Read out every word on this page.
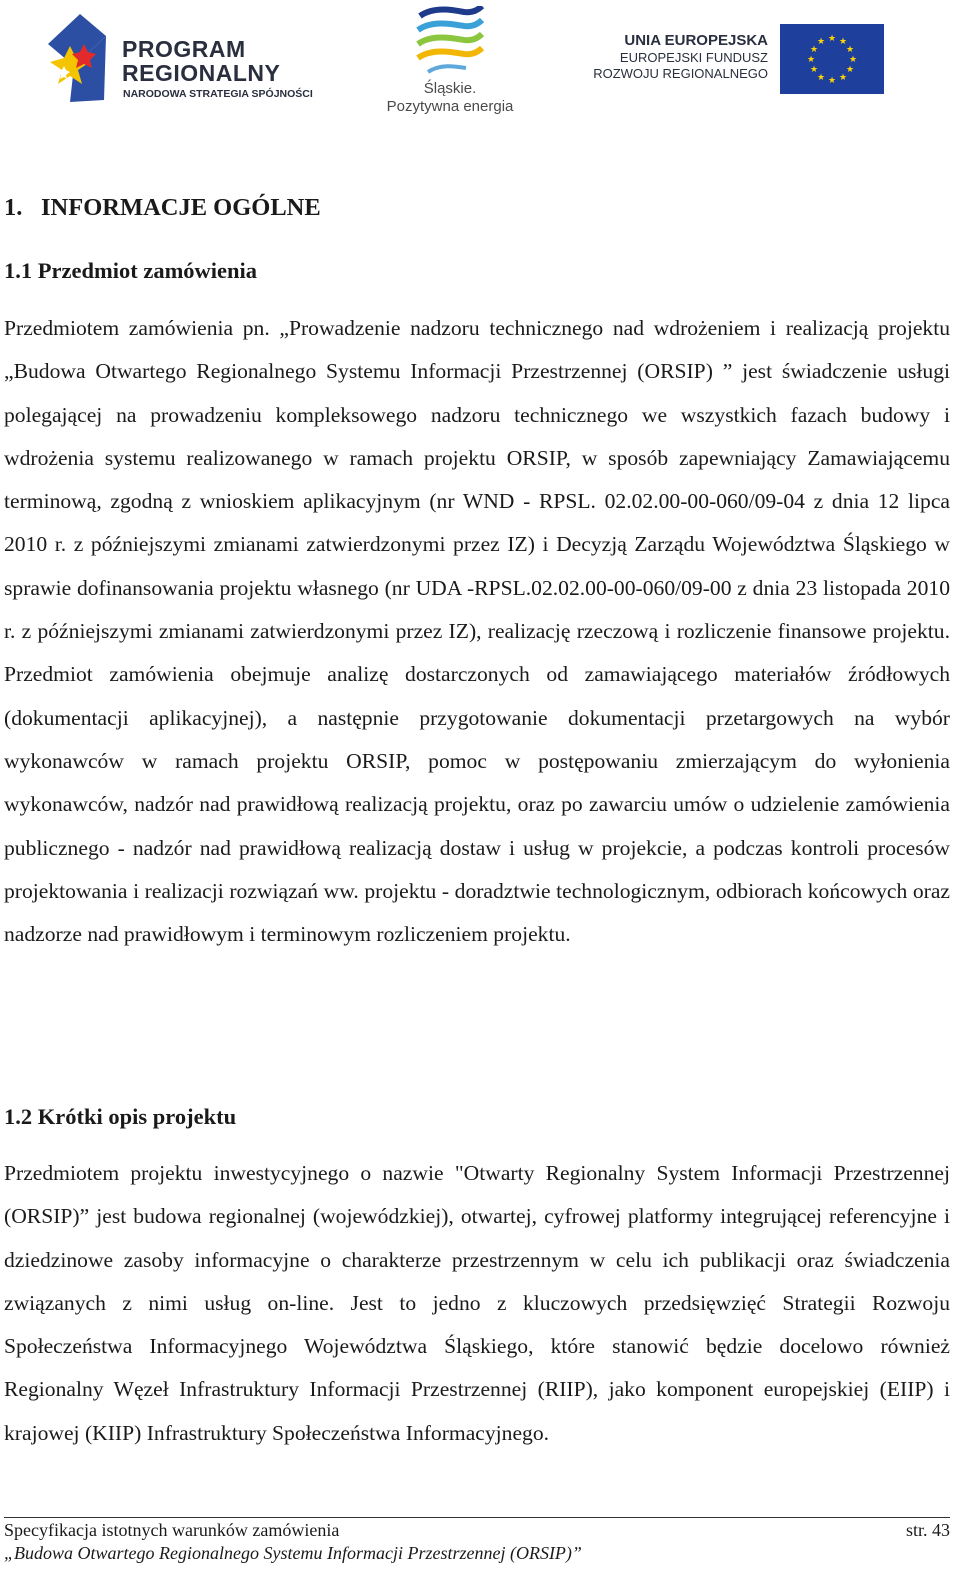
PROGRAM
REGIONALNY
NARODOWA STRATEGIA SPÓJNOŚCI	Śląskie.
Pozytywna energia
UNIA EUROPEJSKA
EUROPEJSKI FUNDUSZ
ROZWOJU REGIONALNEGO
★ ★
★
★
★
★
★
★
★
★
★
★
1. INFORMACJE OGÓLNE
1.1 Przedmiot zamówienia
Przedmiotem zamówienia pn. „Prowadzenie nadzoru technicznego nad wdrożeniem i realizacją projektu „Budowa Otwartego Regionalnego Systemu Informacji Przestrzennej (ORSIP) ” jest świadczenie usługi polegającej na prowadzeniu kompleksowego nadzoru technicznego we wszystkich fazach budowy i wdrożenia systemu realizowanego w ramach projektu ORSIP, w sposób zapewniający Zamawiającemu terminową, zgodną z wnioskiem aplikacyjnym (nr WND - RPSL. 02.02.00-00-060/09-04 z dnia 12 lipca 2010 r. z późniejszymi zmianami zatwierdzonymi przez IZ) i Decyzją Zarządu Województwa Śląskiego w sprawie dofinansowania projektu własnego (nr UDA -RPSL.02.02.00-00-060/09-00 z dnia 23 listopada 2010 r. z późniejszymi zmianami zatwierdzonymi przez IZ), realizację rzeczową i rozliczenie finansowe projektu. Przedmiot zamówienia obejmuje analizę dostarczonych od zamawiającego materiałów źródłowych (dokumentacji aplikacyjnej), a następnie przygotowanie dokumentacji przetargowych na wybór wykonawców w ramach projektu ORSIP, pomoc w postępowaniu zmierzającym do wyłonienia wykonawców, nadzór nad prawidłową realizacją projektu, oraz po zawarciu umów o udzielenie zamówienia publicznego - nadzór nad prawidłową realizacją dostaw i usług w projekcie, a podczas kontroli procesów projektowania i realizacji rozwiązań ww. projektu - doradztwie technologicznym, odbiorach końcowych oraz nadzorze nad prawidłowym i terminowym rozliczeniem projektu.
1.2 Krótki opis projektu
Przedmiotem projektu inwestycyjnego o nazwie "Otwarty Regionalny System Informacji Przestrzennej (ORSIP)” jest budowa regionalnej (wojewódzkiej), otwartej, cyfrowej platformy integrującej referencyjne i dziedzinowe zasoby informacyjne o charakterze przestrzennym w celu ich publikacji oraz świadczenia związanych z nimi usług on-line. Jest to jedno z kluczowych przedsięwzięć Strategii Rozwoju Społeczeństwa Informacyjnego Województwa Śląskiego, które stanowić będzie docelowo również Regionalny Węzeł Infrastruktury Informacji Przestrzennej (RIIP), jako komponent europejskiej (EIIP) i krajowej (KIIP) Infrastruktury Społeczeństwa Informacyjnego.
Specyfikacja istotnych warunków zamówienia
„Budowa Otwartego Regionalnego Systemu Informacji Przestrzennej (ORSIP)”
str. 43
